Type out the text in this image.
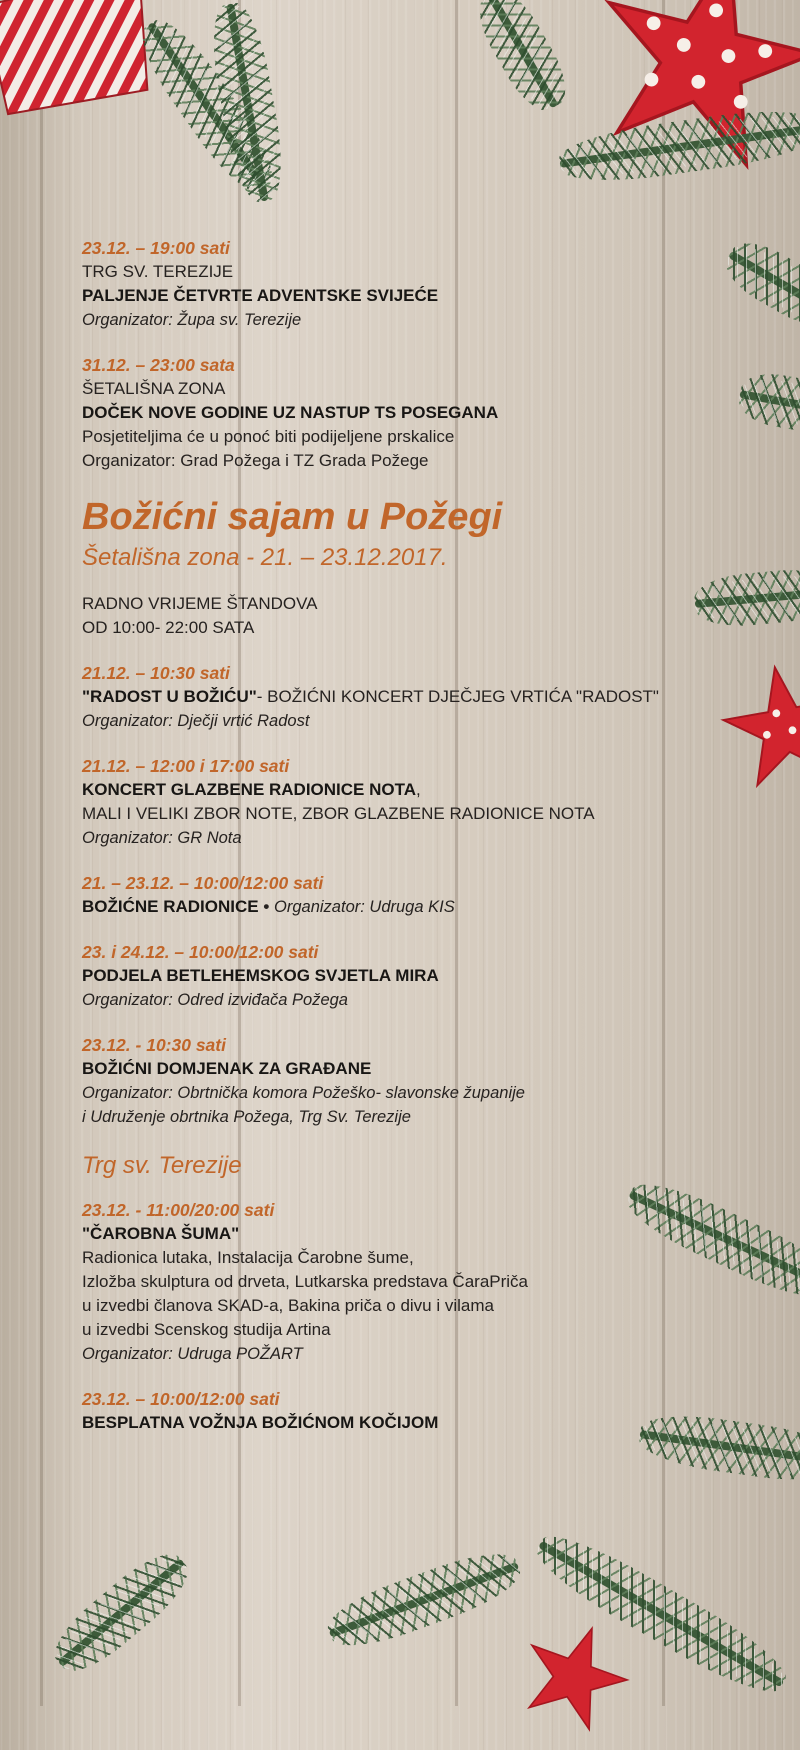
23.12. – 19:00 sati
TRG SV. TEREZIJE
PALJENJE ČETVRTE ADVENTSKE SVIJEĆE
Organizator: Župa sv. Terezije
31.12. – 23:00 sata
ŠETALIŠNA ZONA
DOČEK NOVE GODINE UZ NASTUP TS POSEGANA
Posjetiteljima će u ponoć biti podijeljene prskalice
Organizator: Grad Požega i TZ Grada Požege
Božićni sajam u Požegi
Šetališna zona - 21. – 23.12.2017.
RADNO VRIJEME ŠTANDOVA
OD 10:00- 22:00 SATA
21.12. – 10:30 sati
"RADOST U BOŽIĆU"- BOŽIĆNI KONCERT DJEČJEG VRTIĆA "RADOST"
Organizator: Dječji vrtić Radost
21.12. – 12:00 i 17:00 sati
KONCERT GLAZBENE RADIONICE NOTA,
MALI I VELIKI ZBOR NOTE, ZBOR GLAZBENE RADIONICE NOTA
Organizator: GR Nota
21. – 23.12. – 10:00/12:00 sati
BOŽIĆNE RADIONICE • Organizator: Udruga KIS
23. i 24.12. – 10:00/12:00 sati
PODJELA BETLEHEMSKOG SVJETLA MIRA
Organizator: Odred izviđača Požega
23.12. - 10:30 sati
BOŽIĆNI DOMJENAK ZA GRAĐANE
Organizator: Obrtnička komora Požeško- slavonske županije
i Udruženje obrtnika Požega, Trg Sv. Terezije
Trg sv. Terezije
23.12. - 11:00/20:00 sati
"ČAROBNA ŠUMA"
Radionica lutaka, Instalacija Čarobne šume,
Izložba skulptura od drveta, Lutkarska predstava ČaraPriča
u izvedbi članova SKAD-a, Bakina priča o divu i vilama
u izvedbi Scenskog studija Artina
Organizator: Udruga POŽART
23.12. – 10:00/12:00 sati
BESPLATNA VOŽNJA BOŽIĆNOM KOČIJOM
